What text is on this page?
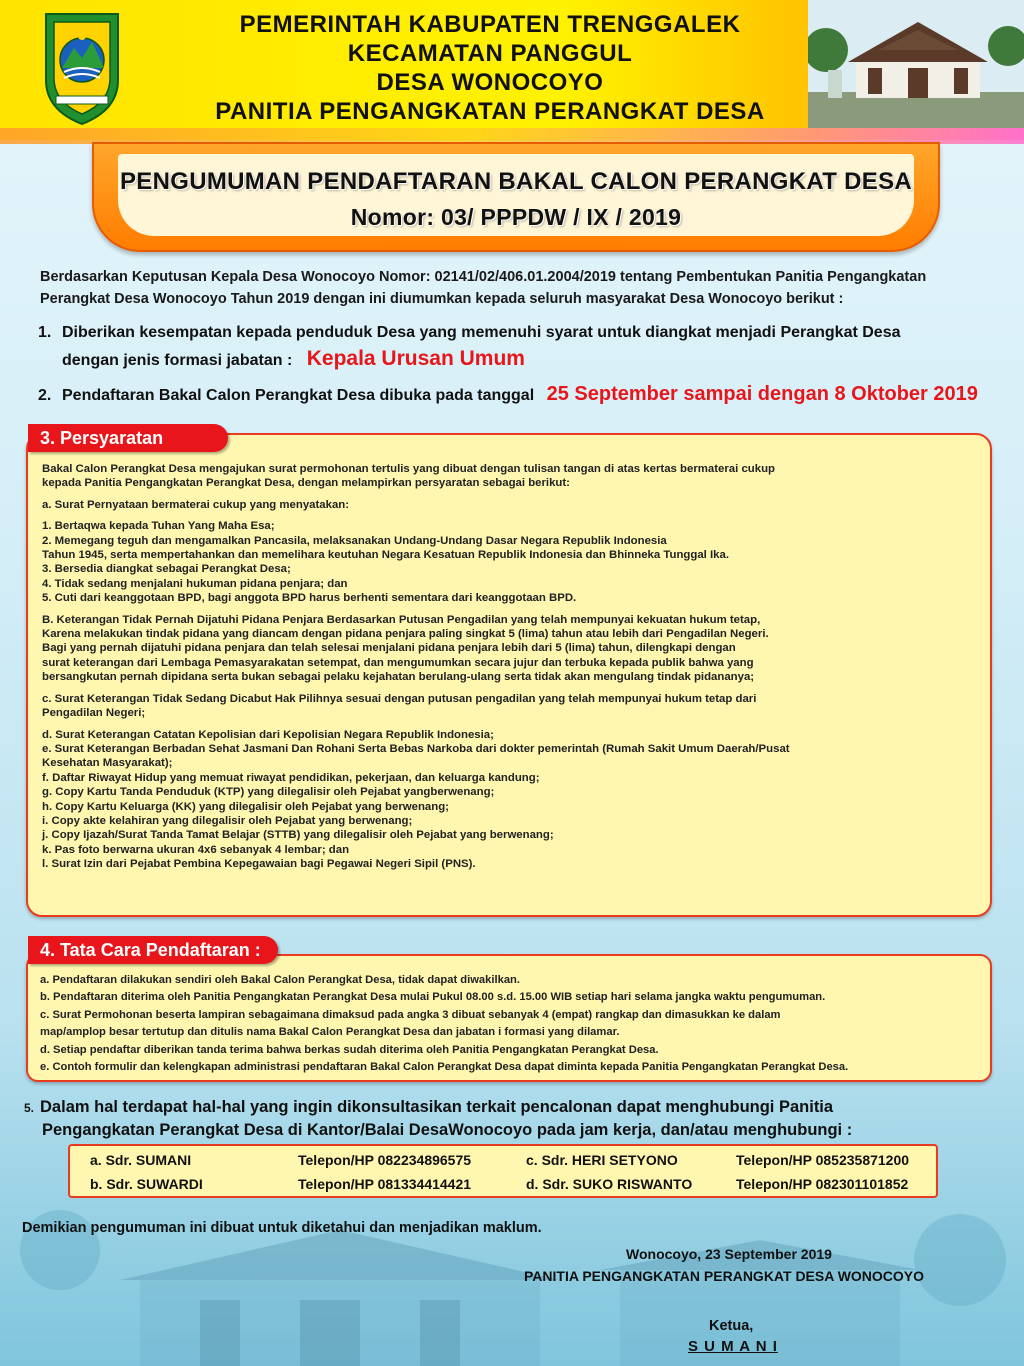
PEMERINTAH KABUPATEN TRENGGALEK
KECAMATAN PANGGUL
DESA WONOCOYO
PANITIA PENGANGKATAN PERANGKAT DESA
PENGUMUMAN PENDAFTARAN BAKAL CALON PERANGKAT DESA
Nomor: 03/ PPPDW / IX / 2019
Berdasarkan Keputusan Kepala Desa Wonocoyo Nomor: 02141/02/406.01.2004/2019 tentang Pembentukan Panitia Pengangkatan
Perangkat Desa Wonocoyo Tahun 2019 dengan ini diumumkan kepada seluruh masyarakat Desa Wonocoyo berikut :
1. Diberikan kesempatan kepada penduduk Desa yang memenuhi syarat untuk diangkat menjadi Perangkat Desa
dengan jenis formasi jabatan : Kepala Urusan Umum
2. Pendaftaran Bakal Calon Perangkat Desa dibuka pada tanggal 25 September sampai dengan 8 Oktober 2019
3. Persyaratan
Bakal Calon Perangkat Desa mengajukan surat permohonan tertulis yang dibuat dengan tulisan tangan di atas kertas bermaterai cukup
kepada Panitia Pengangkatan Perangkat Desa, dengan melampirkan persyaratan sebagai berikut:
a. Surat Pernyataan bermaterai cukup yang menyatakan:
1. Bertaqwa kepada Tuhan Yang Maha Esa;
2. Memegang teguh dan mengamalkan Pancasila, melaksanakan Undang-Undang Dasar Negara Republik Indonesia
Tahun 1945, serta mempertahankan dan memelihara keutuhan Negara Kesatuan Republik Indonesia dan Bhinneka Tunggal Ika.
3. Bersedia diangkat sebagai Perangkat Desa;
4. Tidak sedang menjalani hukuman pidana penjara; dan
5. Cuti dari keanggotaan BPD, bagi anggota BPD harus berhenti sementara dari keanggotaan BPD.
B. Keterangan Tidak Pernah Dijatuhi Pidana Penjara Berdasarkan Putusan Pengadilan yang telah mempunyai kekuatan hukum tetap,
Karena melakukan tindak pidana yang diancam dengan pidana penjara paling singkat 5 (lima) tahun atau lebih dari Pengadilan Negeri.
Bagi yang pernah dijatuhi pidana penjara dan telah selesai menjalani pidana penjara lebih dari 5 (lima) tahun, dilengkapi dengan
surat keterangan dari Lembaga Pemasyarakatan setempat, dan mengumumkan secara jujur dan terbuka kepada publik bahwa yang
bersangkutan pernah dipidana serta bukan sebagai pelaku kejahatan berulang-ulang serta tidak akan mengulang tindak pidananya;
c. Surat Keterangan Tidak Sedang Dicabut Hak Pilihnya sesuai dengan putusan pengadilan yang telah mempunyai hukum tetap dari
Pengadilan Negeri;
d. Surat Keterangan Catatan Kepolisian dari Kepolisian Negara Republik Indonesia;
e. Surat Keterangan Berbadan Sehat Jasmani Dan Rohani Serta Bebas Narkoba dari dokter pemerintah (Rumah Sakit Umum Daerah/Pusat
Kesehatan Masyarakat);
f. Daftar Riwayat Hidup yang memuat riwayat pendidikan, pekerjaan, dan keluarga kandung;
g. Copy Kartu Tanda Penduduk (KTP) yang dilegalisir oleh Pejabat yangberwenang;
h. Copy Kartu Keluarga (KK) yang dilegalisir oleh Pejabat yang berwenang;
i. Copy akte kelahiran yang dilegalisir oleh Pejabat yang berwenang;
j. Copy Ijazah/Surat Tanda Tamat Belajar (STTB) yang dilegalisir oleh Pejabat yang berwenang;
k. Pas foto berwarna ukuran 4x6 sebanyak 4 lembar; dan
l. Surat Izin dari Pejabat Pembina Kepegawaian bagi Pegawai Negeri Sipil (PNS).
4. Tata Cara Pendaftaran :
a. Pendaftaran dilakukan sendiri oleh Bakal Calon Perangkat Desa, tidak dapat diwakilkan.
b. Pendaftaran diterima oleh Panitia Pengangkatan Perangkat Desa mulai Pukul 08.00 s.d. 15.00 WIB setiap hari selama jangka waktu pengumuman.
c. Surat Permohonan beserta lampiran sebagaimana dimaksud pada angka 3 dibuat sebanyak 4 (empat) rangkap dan dimasukkan ke dalam
map/amplop besar tertutup dan ditulis nama Bakal Calon Perangkat Desa dan jabatan i formasi yang dilamar.
d. Setiap pendaftar diberikan tanda terima bahwa berkas sudah diterima oleh Panitia Pengangkatan Perangkat Desa.
e. Contoh formulir dan kelengkapan administrasi pendaftaran Bakal Calon Perangkat Desa dapat diminta kepada Panitia Pengangkatan Perangkat Desa.
5. Dalam hal terdapat hal-hal yang ingin dikonsultasikan terkait pencalonan dapat menghubungi Panitia
Pengangkatan Perangkat Desa di Kantor/Balai DesaWonocoyo pada jam kerja, dan/atau menghubungi :
a. Sdr. SUMANI	Telepon/HP 082234896575	c. Sdr. HERI SETYONO	Telepon/HP 085235871200
b. Sdr. SUWARDI	Telepon/HP 081334414421	d. Sdr. SUKO RISWANTO	Telepon/HP 082301101852
Demikian pengumuman ini dibuat untuk diketahui dan menjadikan maklum.
Wonocoyo, 23 September 2019
PANITIA PENGANGKATAN PERANGKAT DESA WONOCOYO
Ketua,
S U M A N I
